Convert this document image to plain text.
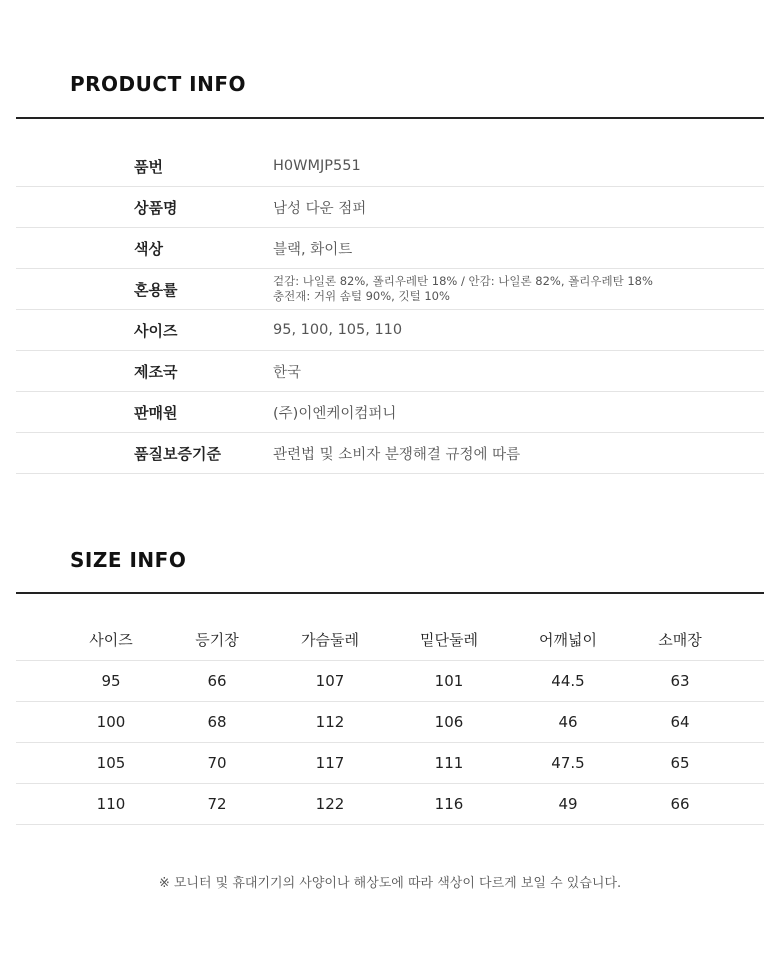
PRODUCT INFO
품번	H0WMJP551
상품명	남성 다운 점퍼
색상	블랙, 화이트
혼용률	겉감: 나일론 82%, 폴리우레탄 18% / 안감: 나일론 82%, 폴리우레탄 18%
충전재: 거위 솜털 90%, 깃털 10%
사이즈	95, 100, 105, 110
제조국	한국
판매원	(주)이엔케이컴퍼니
품질보증기준	관련법 및 소비자 분쟁해결 규정에 따름
SIZE INFO
사이즈	등기장	가슴둘레	밑단둘레	어깨넓이	소매장
95	66	107	101	44.5	63
100	68	112	106	46	64
105	70	117	111	47.5	65
110	72	122	116	49	66
※ 모니터 및 휴대기기의 사양이나 해상도에 따라 색상이 다르게 보일 수 있습니다.
